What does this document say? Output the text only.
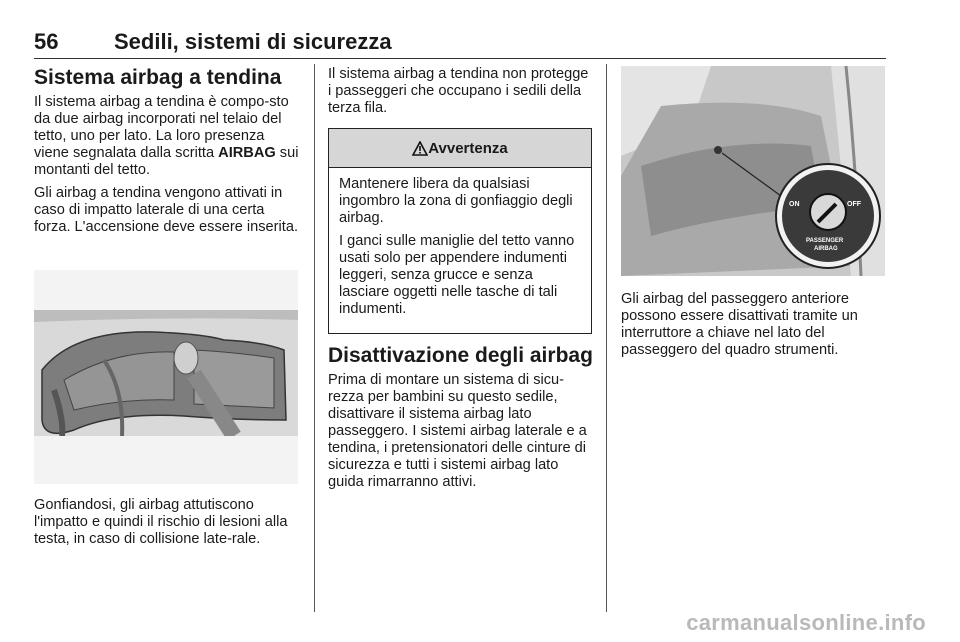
56	Sedili, sistemi di sicurezza
Sistema airbag a tendina

Il sistema airbag a tendina è compo-sto da due airbag incorporati nel telaio del tetto, uno per lato. La loro presenza viene segnalata dalla scritta AIRBAG sui montanti del tetto.

Gli airbag a tendina vengono attivati in caso di impatto laterale di una certa forza. L'accensione deve essere inserita.

Gonfiandosi, gli airbag attutiscono l'impatto e quindi il rischio di lesioni alla testa, in caso di collisione late-rale.

Il sistema airbag a tendina non protegge i passeggeri che occupano i sedili della terza fila.

Avvertenza

Mantenere libera da qualsiasi ingombro la zona di gonfiaggio degli airbag.

I ganci sulle maniglie del tetto vanno usati solo per appendere indumenti leggeri, senza grucce e senza lasciare oggetti nelle tasche di tali indumenti.

Disattivazione degli airbag

Prima di montare un sistema di sicu-rezza per bambini su questo sedile, disattivare il sistema airbag lato passeggero. I sistemi airbag laterale e a tendina, i pretensionatori delle cinture di sicurezza e tutti i sistemi airbag lato guida rimarranno attivi.

ON	OFF
PASSENGER
AIRBAG

Gli airbag del passeggero anteriore possono essere disattivati tramite un interruttore a chiave nel lato del passeggero del quadro strumenti.

carmanualsonline.info
